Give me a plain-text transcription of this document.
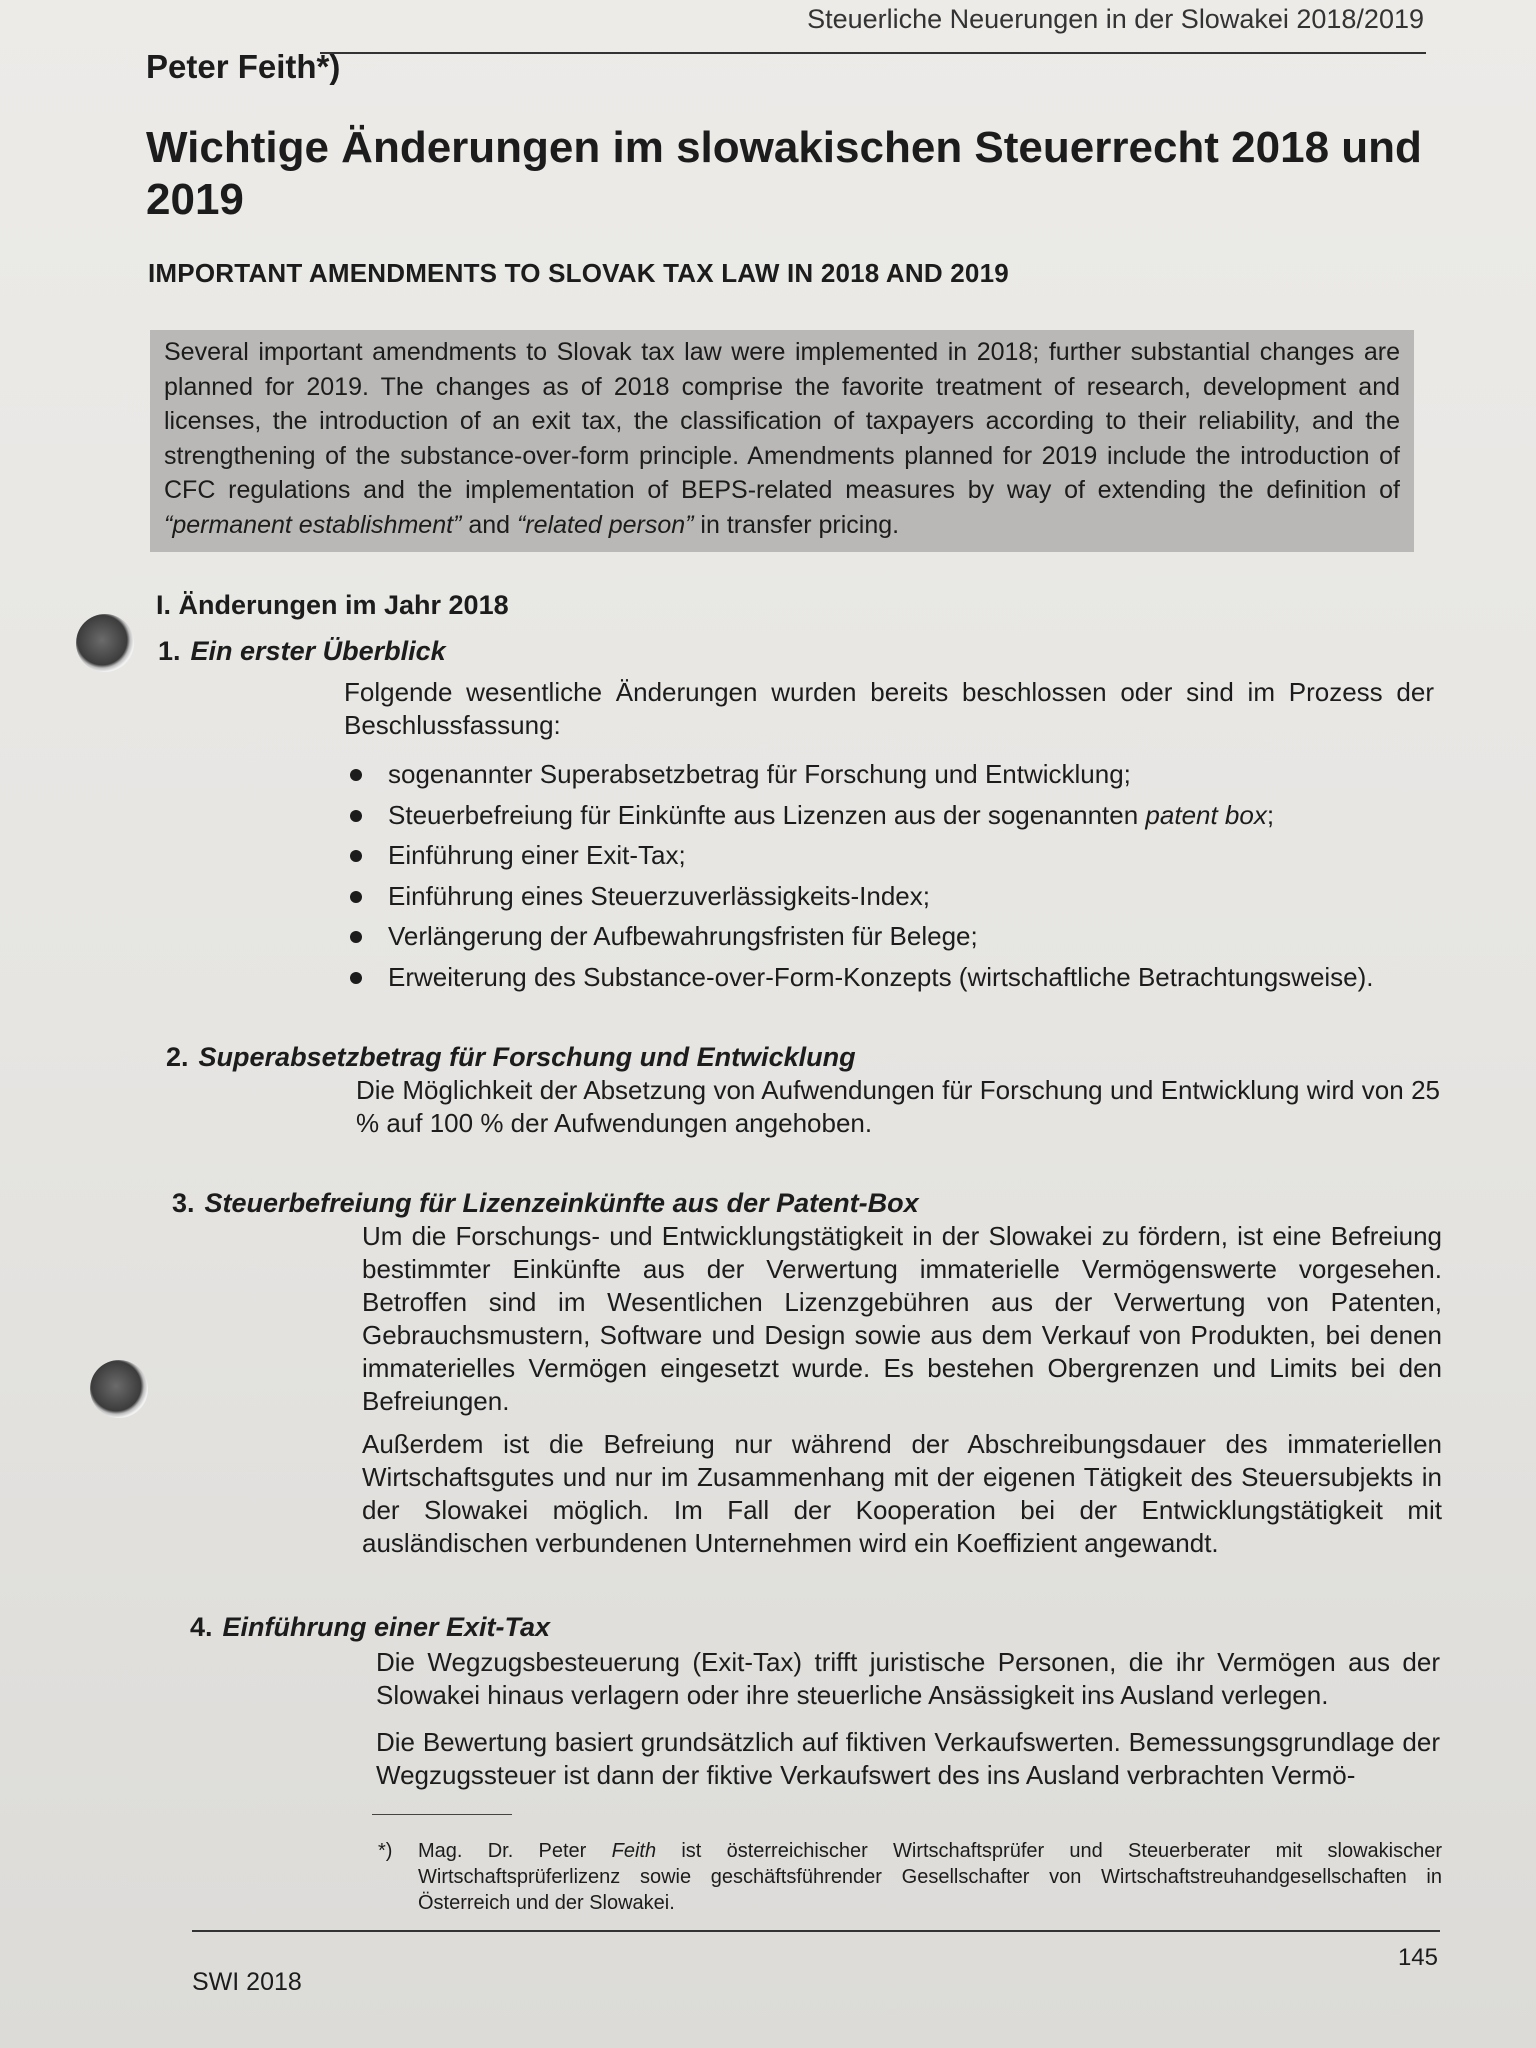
Steuerliche Neuerungen in der Slowakei 2018/2019
Peter Feith*)
Wichtige Änderungen im slowakischen Steuerrecht 2018 und 2019
IMPORTANT AMENDMENTS TO SLOVAK TAX LAW IN 2018 AND 2019
Several important amendments to Slovak tax law were implemented in 2018; further substantial changes are planned for 2019. The changes as of 2018 comprise the favorite treatment of research, development and licenses, the introduction of an exit tax, the classification of taxpayers according to their reliability, and the strengthening of the substance-over-form principle. Amendments planned for 2019 include the introduction of CFC regulations and the implementation of BEPS-related measures by way of extending the definition of “permanent establishment” and “related person” in transfer pricing.
I. Änderungen im Jahr 2018
1. Ein erster Überblick

Folgende wesentliche Änderungen wurden bereits beschlossen oder sind im Prozess der Beschlussfassung:

sogenannter Superabsetzbetrag für Forschung und Entwicklung;
Steuerbefreiung für Einkünfte aus Lizenzen aus der sogenannten patent box;
Einführung einer Exit-Tax;
Einführung eines Steuerzuverlässigkeits-Index;
Verlängerung der Aufbewahrungsfristen für Belege;
Erweiterung des Substance-over-Form-Konzepts (wirtschaftliche Betrachtungsweise).
2. Superabsetzbetrag für Forschung und Entwicklung

Die Möglichkeit der Absetzung von Aufwendungen für Forschung und Entwicklung wird von 25 % auf 100 % der Aufwendungen angehoben.

3. Steuerbefreiung für Lizenzeinkünfte aus der Patent-Box

Um die Forschungs- und Entwicklungstätigkeit in der Slowakei zu fördern, ist eine Befreiung bestimmter Einkünfte aus der Verwertung immaterielle Vermögenswerte vorgesehen. Betroffen sind im Wesentlichen Lizenzgebühren aus der Verwertung von Patenten, Gebrauchsmustern, Software und Design sowie aus dem Verkauf von Produkten, bei denen immaterielles Vermögen eingesetzt wurde. Es bestehen Obergrenzen und Limits bei den Befreiungen.

Außerdem ist die Befreiung nur während der Abschreibungsdauer des immateriellen Wirtschaftsgutes und nur im Zusammenhang mit der eigenen Tätigkeit des Steuersubjekts in der Slowakei möglich. Im Fall der Kooperation bei der Entwicklungstätigkeit mit ausländischen verbundenen Unternehmen wird ein Koeffizient angewandt.

4. Einführung einer Exit-Tax

Die Wegzugsbesteuerung (Exit-Tax) trifft juristische Personen, die ihr Vermögen aus der Slowakei hinaus verlagern oder ihre steuerliche Ansässigkeit ins Ausland verlegen.

Die Bewertung basiert grundsätzlich auf fiktiven Verkaufswerten. Bemessungsgrundlage der Wegzugssteuer ist dann der fiktive Verkaufswert des ins Ausland verbrachten Vermö-

*)	Mag. Dr. Peter Feith ist österreichischer Wirtschaftsprüfer und Steuerberater mit slowakischer Wirtschaftsprüferlizenz sowie geschäftsführender Gesellschafter von Wirtschaftstreuhandgesellschaften in Österreich und der Slowakei.
145
SWI 2018
